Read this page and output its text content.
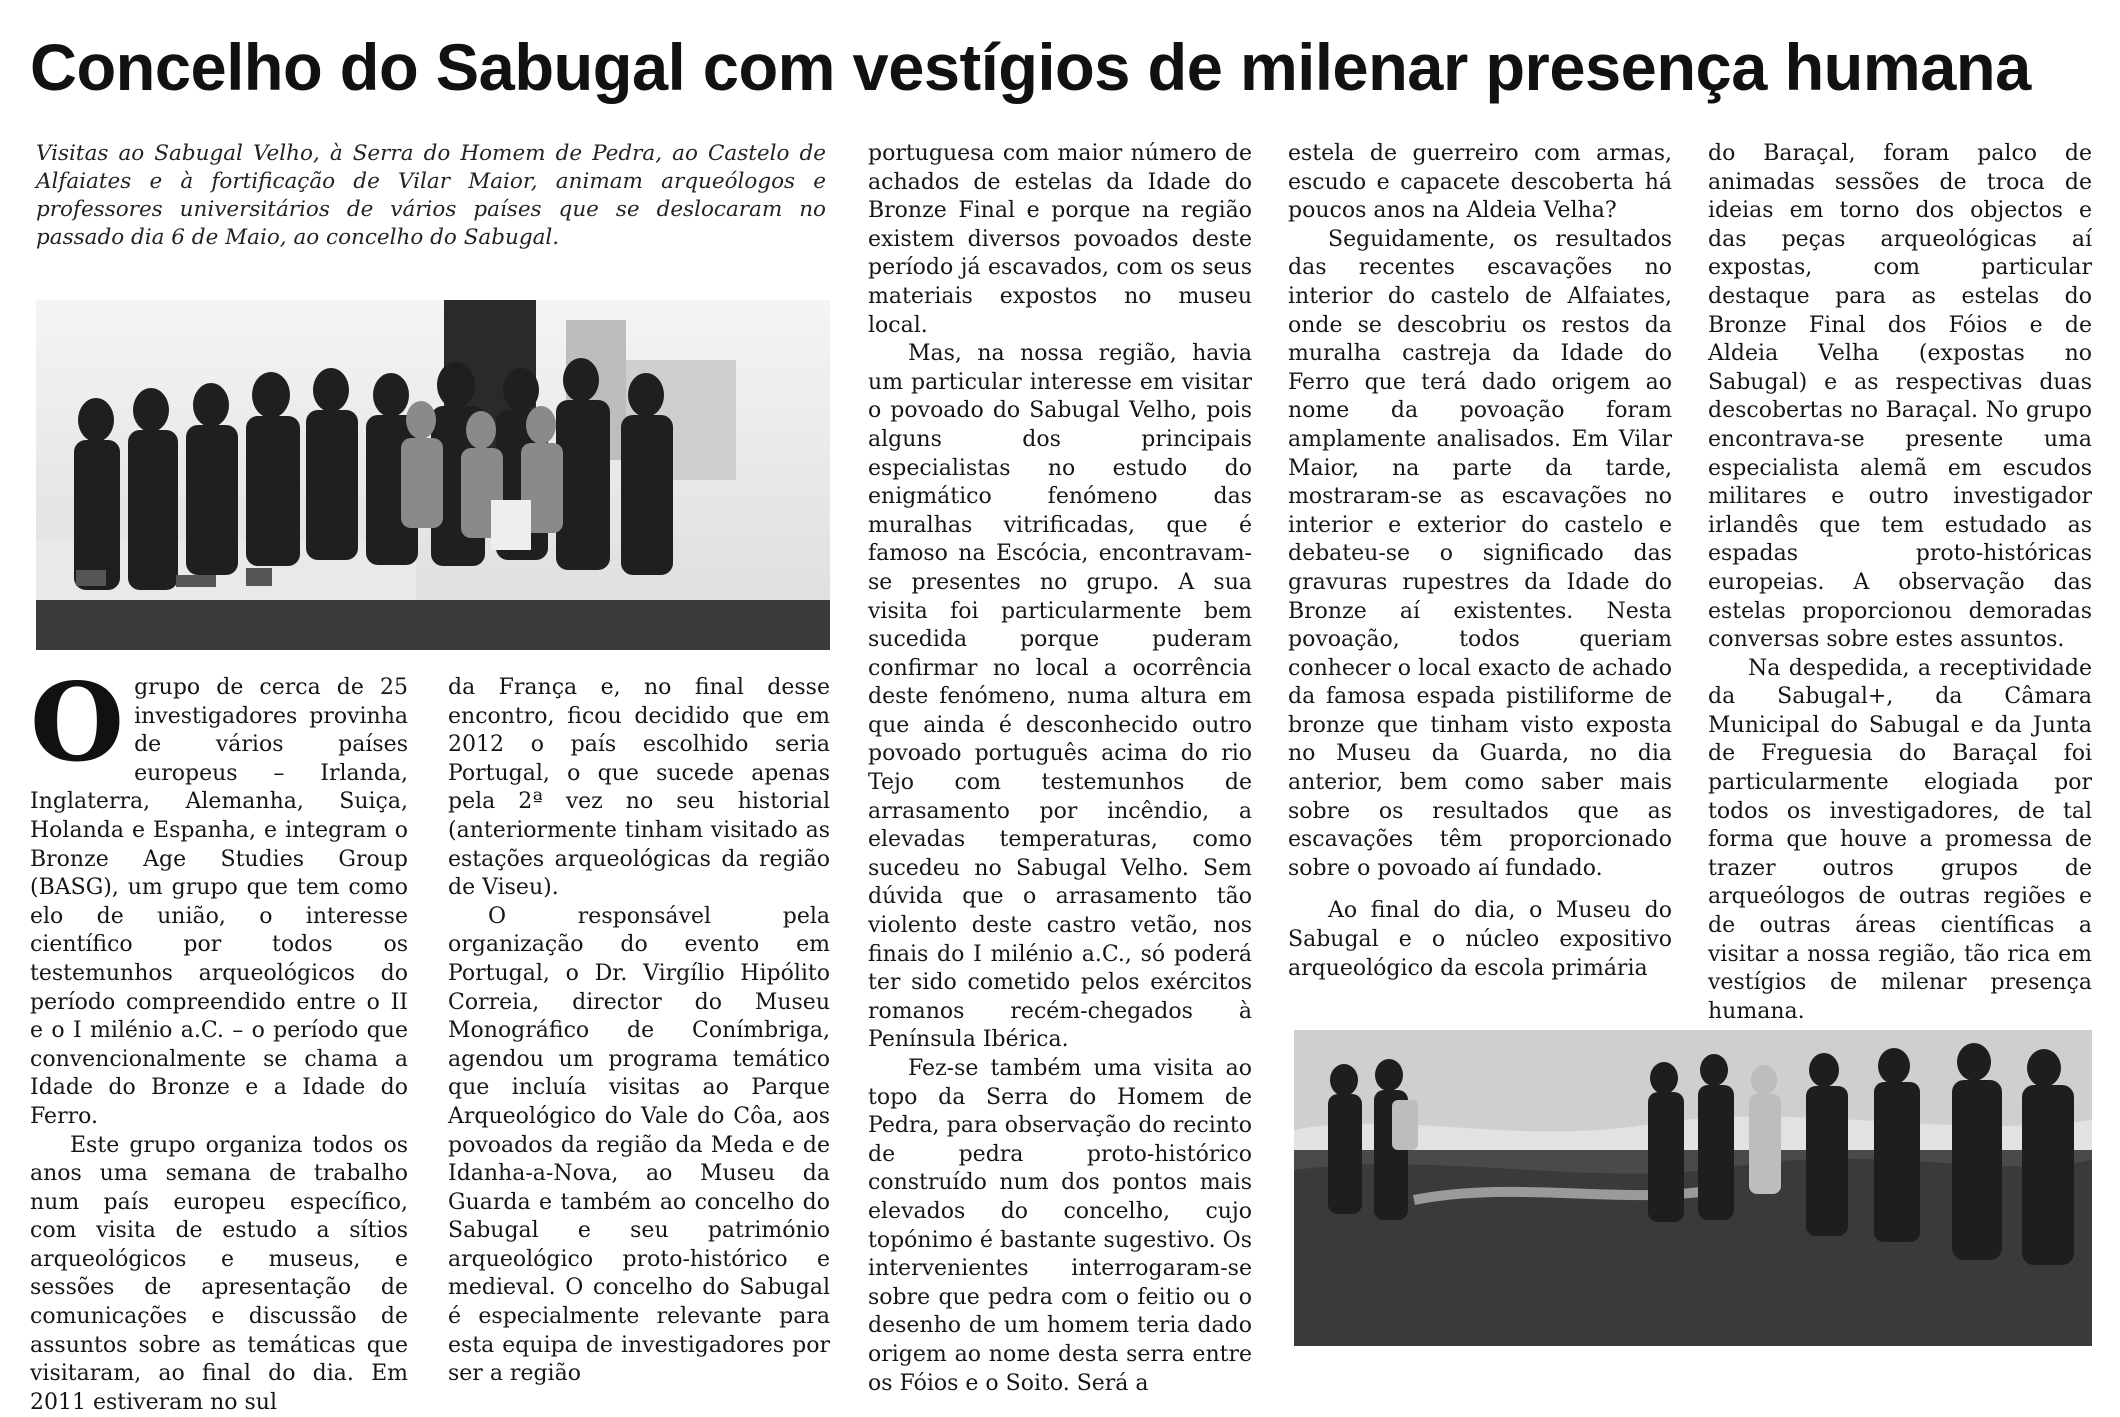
Concelho do Sabugal com vestígios de milenar presença humana

Visitas ao Sabugal Velho, à Serra do Homem de Pedra, ao Castelo de Alfaiates e à fortificação de Vilar Maior, animam arqueólogos e professores universitários de vários países que se deslocaram no passado dia 6 de Maio, ao concelho do Sabugal.

O grupo de cerca de 25 investigadores provinha de vários países europeus – Irlanda, Inglaterra, Alemanha, Suiça, Holanda e Espanha, e integram o Bronze Age Studies Group (BASG), um grupo que tem como elo de união, o interesse científico por todos os testemunhos arqueológicos do período compreendido entre o II e o I milénio a.C. – o período que convencionalmente se chama a Idade do Bronze e a Idade do Ferro.

Este grupo organiza todos os anos uma semana de trabalho num país europeu específico, com visita de estudo a sítios arqueológicos e museus, e sessões de apresentação de comunicações e discussão de assuntos sobre as temáticas que visitaram, ao final do dia. Em 2011 estiveram no sul

da França e, no final desse encontro, ficou decidido que em 2012 o país escolhido seria Portugal, o que sucede apenas pela 2ª vez no seu historial (anteriormente tinham visitado as estações arqueológicas da região de Viseu).

O responsável pela organização do evento em Portugal, o Dr. Virgílio Hipólito Correia, director do Museu Monográfico de Conímbriga, agendou um programa temático que incluía visitas ao Parque Arqueológico do Vale do Côa, aos povoados da região da Meda e de Idanha-a-Nova, ao Museu da Guarda e também ao concelho do Sabugal e seu património arqueológico proto-histórico e medieval. O concelho do Sabugal é especialmente relevante para esta equipa de investigadores por ser a região

portuguesa com maior número de achados de estelas da Idade do Bronze Final e porque na região existem diversos povoados deste período já escavados, com os seus materiais expostos no museu local.

Mas, na nossa região, havia um particular interesse em visitar o povoado do Sabugal Velho, pois alguns dos principais especialistas no estudo do enigmático fenómeno das muralhas vitrificadas, que é famoso na Escócia, encontravam-se presentes no grupo. A sua visita foi particularmente bem sucedida porque puderam confirmar no local a ocorrência deste fenómeno, numa altura em que ainda é desconhecido outro povoado português acima do rio Tejo com testemunhos de arrasamento por incêndio, a elevadas temperaturas, como sucedeu no Sabugal Velho. Sem dúvida que o arrasamento tão violento deste castro vetão, nos finais do I milénio a.C., só poderá ter sido cometido pelos exércitos romanos recém-chegados à Península Ibérica.

Fez-se também uma visita ao topo da Serra do Homem de Pedra, para observação do recinto de pedra proto-histórico construído num dos pontos mais elevados do concelho, cujo topónimo é bastante sugestivo. Os intervenientes interrogaram-se sobre que pedra com o feitio ou o desenho de um homem teria dado origem ao nome desta serra entre os Fóios e o Soito. Será a

estela de guerreiro com armas, escudo e capacete descoberta há poucos anos na Aldeia Velha?

Seguidamente, os resultados das recentes escavações no interior do castelo de Alfaiates, onde se descobriu os restos da muralha castreja da Idade do Ferro que terá dado origem ao nome da povoação foram amplamente analisados. Em Vilar Maior, na parte da tarde, mostraram-se as escavações no interior e exterior do castelo e debateu-se o significado das gravuras rupestres da Idade do Bronze aí existentes. Nesta povoação, todos queriam conhecer o local exacto de achado da famosa espada pistiliforme de bronze que tinham visto exposta no Museu da Guarda, no dia anterior, bem como saber mais sobre os resultados que as escavações têm proporcionado sobre o povoado aí fundado.

Ao final do dia, o Museu do Sabugal e o núcleo expositivo arqueológico da escola primária

do Baraçal, foram palco de animadas sessões de troca de ideias em torno dos objectos e das peças arqueológicas aí expostas, com particular destaque para as estelas do Bronze Final dos Fóios e de Aldeia Velha (expostas no Sabugal) e as respectivas duas descobertas no Baraçal. No grupo encontrava-se presente uma especialista alemã em escudos militares e outro investigador irlandês que tem estudado as espadas proto-históricas europeias. A observação das estelas proporcionou demoradas conversas sobre estes assuntos.

Na despedida, a receptividade da Sabugal+, da Câmara Municipal do Sabugal e da Junta de Freguesia do Baraçal foi particularmente elogiada por todos os investigadores, de tal forma que houve a promessa de trazer outros grupos de arqueólogos de outras regiões e de outras áreas científicas a visitar a nossa região, tão rica em vestígios de milenar presença humana.
